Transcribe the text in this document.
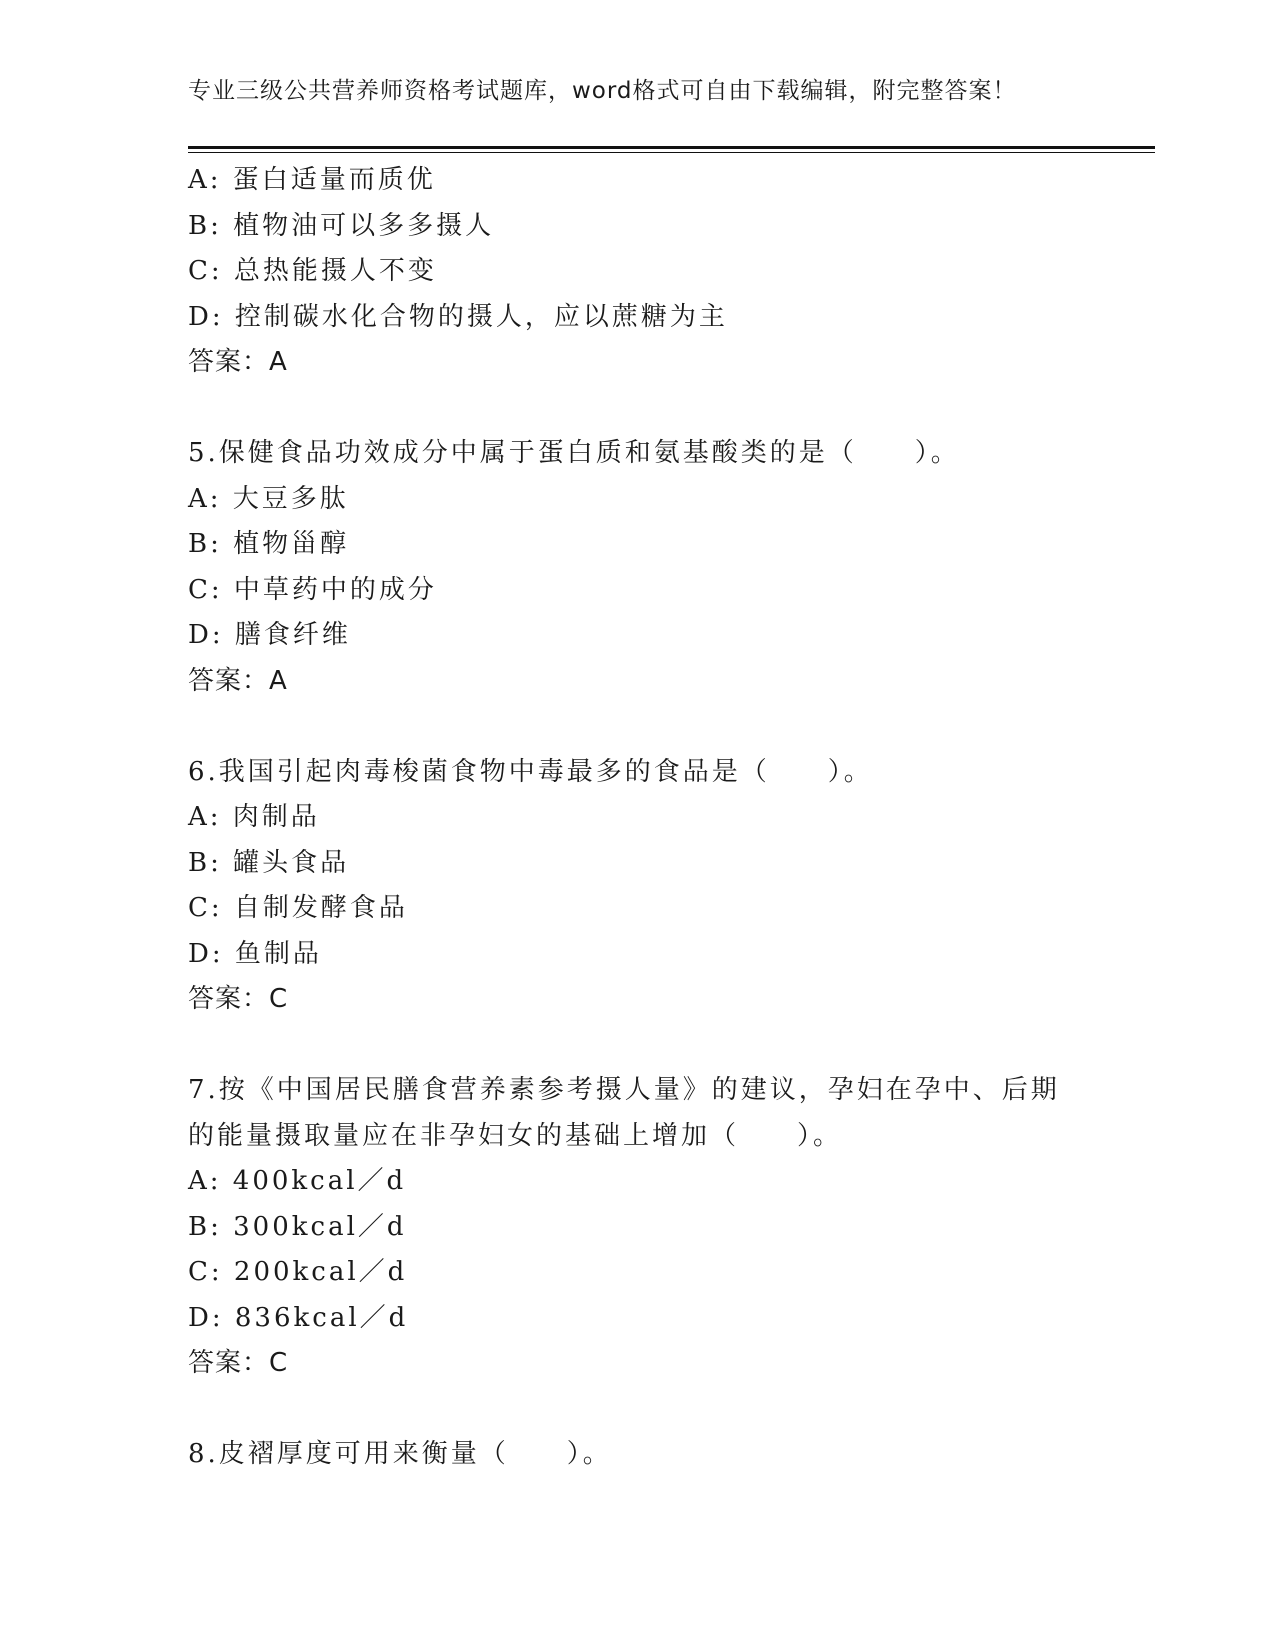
专业三级公共营养师资格考试题库，word格式可自由下载编辑，附完整答案！
A: 蛋白适量而质优
B: 植物油可以多多摄人
C: 总热能摄人不变
D: 控制碳水化合物的摄人，应以蔗糖为主
答案：A
5.保健食品功效成分中属于蛋白质和氨基酸类的是（　　）。
A: 大豆多肽
B: 植物甾醇
C: 中草药中的成分
D: 膳食纤维
答案：A
6.我国引起肉毒梭菌食物中毒最多的食品是（　　）。
A: 肉制品
B: 罐头食品
C: 自制发酵食品
D: 鱼制品
答案：C
7.按《中国居民膳食营养素参考摄人量》的建议，孕妇在孕中、后期
的能量摄取量应在非孕妇女的基础上增加（　　）。
A: 400kcal／d
B: 300kcal／d
C: 200kcal／d
D: 836kcal／d
答案：C
8.皮褶厚度可用来衡量（　　）。
